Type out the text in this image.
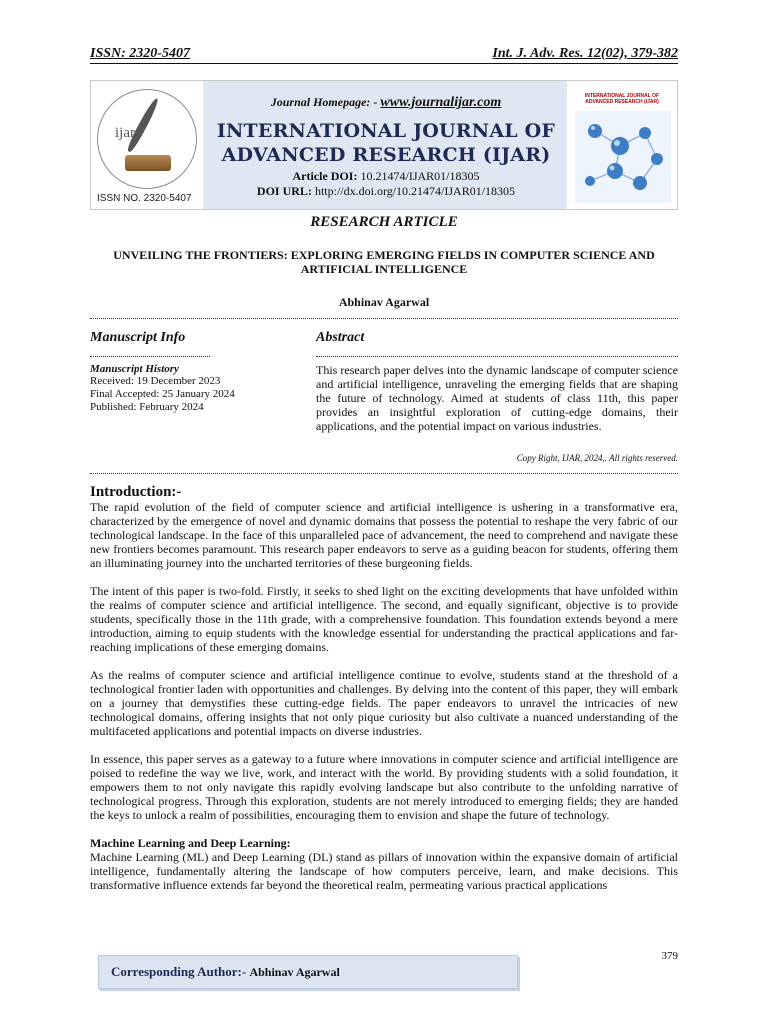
ISSN: 2320-5407	Int. J. Adv. Res. 12(02), 379-382
ijar
ISSN NO. 2320-5407
Journal Homepage: - www.journalijar.com
INTERNATIONAL JOURNAL OF
ADVANCED RESEARCH (IJAR)
Article DOI: 10.21474/IJAR01/18305
DOI URL: http://dx.doi.org/10.21474/IJAR01/18305
INTERNATIONAL JOURNAL OF ADVANCED RESEARCH (IJAR)
RESEARCH ARTICLE
UNVEILING THE FRONTIERS: EXPLORING EMERGING FIELDS IN COMPUTER SCIENCE AND ARTIFICIAL INTELLIGENCE
Abhinav Agarwal
Manuscript Info
Manuscript History
Received: 19 December 2023
Final Accepted: 25 January 2024
Published: February 2024
Abstract
This research paper delves into the dynamic landscape of computer science and artificial intelligence, unraveling the emerging fields that are shaping the future of technology. Aimed at students of class 11th, this paper provides an insightful exploration of cutting-edge domains, their applications, and the potential impact on various industries.
Copy Right, IJAR, 2024,. All rights reserved.
Introduction:-

The rapid evolution of the field of computer science and artificial intelligence is ushering in a transformative era, characterized by the emergence of novel and dynamic domains that possess the potential to reshape the very fabric of our technological landscape. In the face of this unparalleled pace of advancement, the need to comprehend and navigate these new frontiers becomes paramount. This research paper endeavors to serve as a guiding beacon for students, offering them an illuminating journey into the uncharted territories of these burgeoning fields.

The intent of this paper is two-fold. Firstly, it seeks to shed light on the exciting developments that have unfolded within the realms of computer science and artificial intelligence. The second, and equally significant, objective is to provide students, specifically those in the 11th grade, with a comprehensive foundation. This foundation extends beyond a mere introduction, aiming to equip students with the knowledge essential for understanding the practical applications and far-reaching implications of these emerging domains.

As the realms of computer science and artificial intelligence continue to evolve, students stand at the threshold of a technological frontier laden with opportunities and challenges. By delving into the content of this paper, they will embark on a journey that demystifies these cutting-edge fields. The paper endeavors to unravel the intricacies of new technological domains, offering insights that not only pique curiosity but also cultivate a nuanced understanding of the multifaceted applications and potential impacts on diverse industries.

In essence, this paper serves as a gateway to a future where innovations in computer science and artificial intelligence are poised to redefine the way we live, work, and interact with the world. By providing students with a solid foundation, it empowers them to not only navigate this rapidly evolving landscape but also contribute to the unfolding narrative of technological progress. Through this exploration, students are not merely introduced to emerging fields; they are handed the keys to unlock a realm of possibilities, encouraging them to envision and shape the future of technology.

Machine Learning and Deep Learning:

Machine Learning (ML) and Deep Learning (DL) stand as pillars of innovation within the expansive domain of artificial intelligence, fundamentally altering the landscape of how computers perceive, learn, and make decisions. This transformative influence extends far beyond the theoretical realm, permeating various practical applications

379
Corresponding Author:- Abhinav Agarwal
